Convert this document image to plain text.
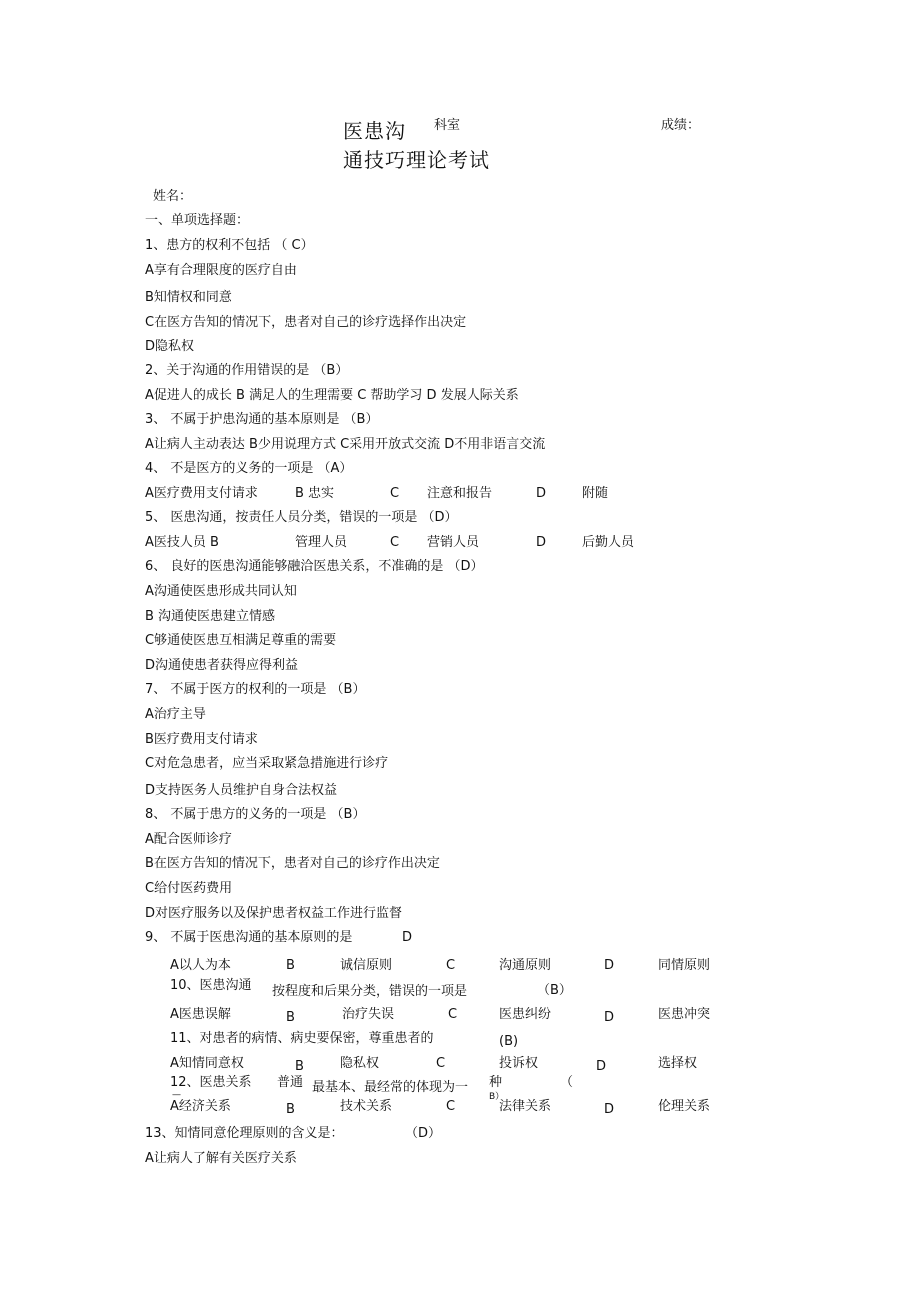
医患沟 科室	成绩：
通技巧理论考试
姓名：
一、单项选择题：
1、患方的权利不包括 （ C）
A享有合理限度的医疗自由
B知情权和同意
C在医方告知的情况下，患者对自己的诊疗选择作出决定
D隐私权
2、关于沟通的作用错误的是 （B）
A促进人的成长 B 满足人的生理需要 C 帮助学习 D 发展人际关系
3、 不属于护患沟通的基本原则是 （B）
A让病人主动表达 B少用说理方式 C采用开放式交流 D不用非语言交流
4、 不是医方的义务的一项是 （A）
A医疗费用支付请求	B 忠实	C 注意和报告	D	附随
5、 医患沟通，按责任人员分类，错误的一项是 （D）
A医技人员 B	管理人员	C 营销人员	D	后勤人员
6、 良好的医患沟通能够融洽医患关系，不准确的是 （D）
A沟通使医患形成共同认知
B 沟通使医患建立情感
C够通使医患互相满足尊重的需要
D沟通使患者获得应得利益
7、 不属于医方的权利的一项是 （B）
A治疗主导
B医疗费用支付请求
C对危急患者，应当采取紧急措施进行诊疗
D支持医务人员维护自身合法权益
8、 不属于患方的义务的一项是 （B）
A配合医师诊疗
B在医方告知的情况下，患者对自己的诊疗作出决定
C给付医药费用
D对医疗服务以及保护患者权益工作进行监督
9、 不属于医患沟通的基本原则的是	D
A以人为本	B	诚信原则	C	沟通原则	D	同情原则
10、医患沟通 按程度和后果分类，错误的一项是	（B）
A医患误解	B	治疗失误	C	医患纠纷	D	医患冲突
11、对患者的病情、病史要保密，尊重患者的	(B)
A知情同意权	B	隐私权	C	投诉权	D	选择权
12、医患关系 普通 最基本、最经常的体现为一 种	（
—	B）
A经济关系	B	技术关系	C	法律关系	D	伦理关系
13、知情同意伦理原则的含义是：	（D）
A让病人了解有关医疗关系
